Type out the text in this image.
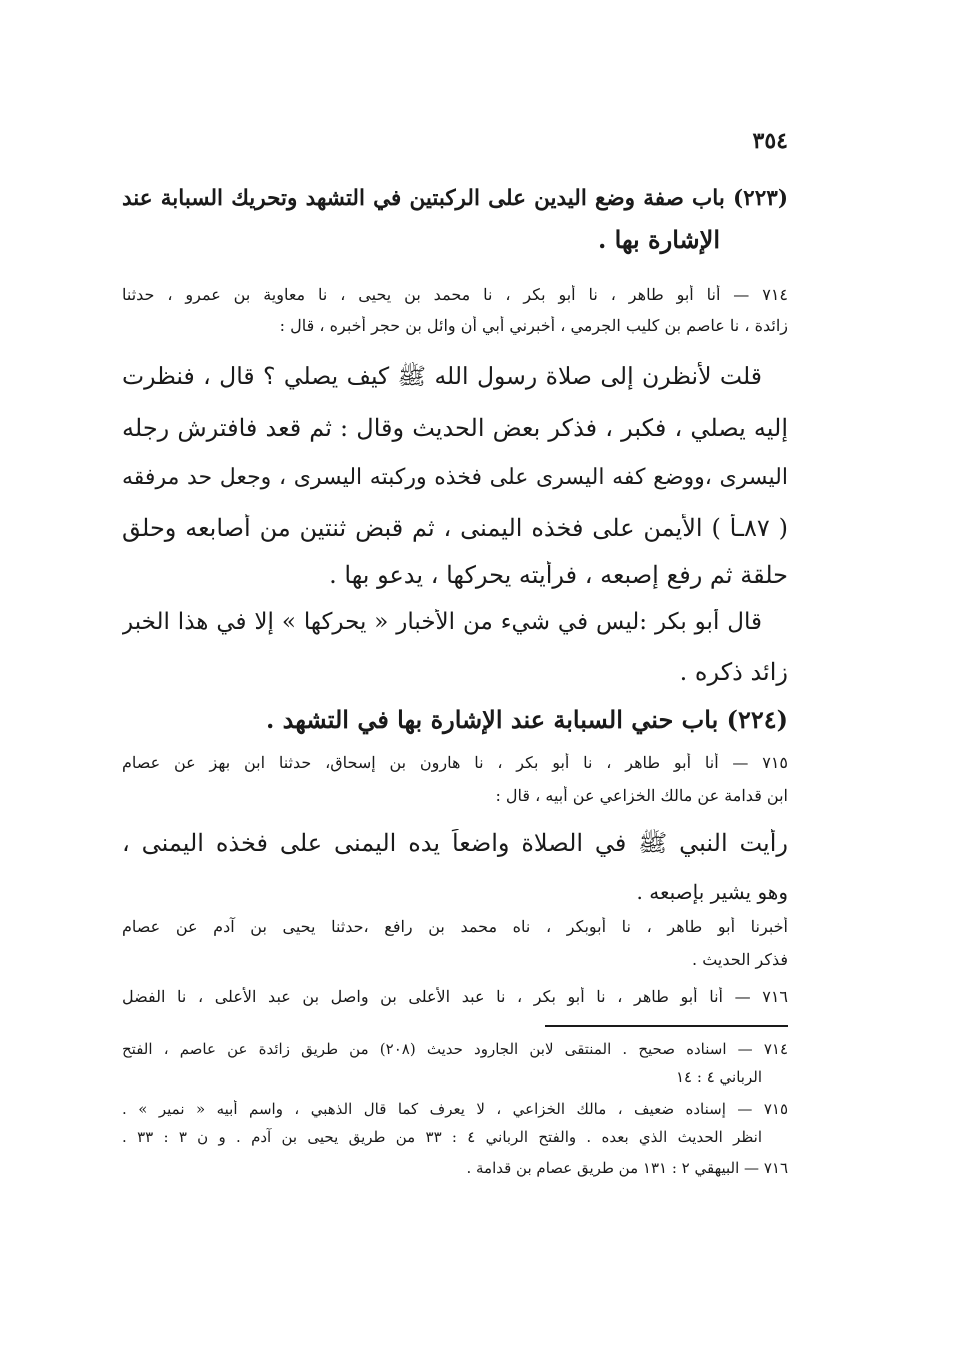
٣٥٤
(٢٢٣) باب صفة وضع اليدين على الركبتين في التشهد وتحريك السبابة عند
الإشارة بها .
٧١٤ — أنا أبو طاهر ، نا أبو بكر ، نا محمد بن يحيى ، نا معاوية بن عمرو ، حدثنا
زائدة ، نا عاصم بن كليب الجرمي ، أخبرني أبي أن وائل بن حجر أخبره ، قال :
قلت لأنظرن إلى صلاة رسول الله ﷺ كيف يصلي ؟ قال ، فنظرت
إليه يصلي ، فكبر ، فذكر بعض الحديث وقال : ثم قعد فافترش رجله
اليسرى ،ووضع كفه اليسرى على فخذه وركبته اليسرى ، وجعل حد مرفقه
( ٨٧ـأ ) الأيمن على فخذه اليمنى ، ثم قبض ثنتين من أصابعه وحلق
حلقة ثم رفع إصبعه ، فرأيته يحركها ، يدعو بها .
قال أبو بكر :ليس في شيء من الأخبار « يحركها » إلا في هذا الخبر
زائد ذكره .
(٢٢٤) باب حني السبابة عند الإشارة بها في التشهد .
٧١٥ — أنا أبو طاهر ، نا أبو بكر ، نا هارون بن إسحاق، حدثنا ابن بهز عن عصام
ابن قدامة عن مالك الخزاعي عن أبيه ، قال :
رأيت النبي ﷺ في الصلاة واضعاً يده اليمنى على فخذه اليمنى ،
وهو يشير بإصبعه .
أخبرنا أبو طاهر ، نا أبوبكر ، ناه محمد بن رافع ،حدثنا يحيى بن آدم عن عصام
فذكر الحديث .
٧١٦ — أنا أبو طاهر ، نا أبو بكر ، نا عبد الأعلى بن واصل بن عبد الأعلى ، نا الفضل
٧١٤ — اسناده صحيح . المنتقى لابن الجارود حديث (٢٠٨) من طريق زائدة عن عاصم ، الفتح
الرباني ٤ : ١٤
٧١٥ — إسناده ضعيف ، مالك الخزاعي ، لا يعرف كما قال الذهبي ، واسم أبيه « نمير » .
انظر الحديث الذي بعده . والفتح الرباني ٤ : ٣٣ من طريق يحيى بن آدم . و ن ٣ : ٣٣ .
٧١٦ — البيهقي ٢ : ١٣١ من طريق عصام بن قدامة .
